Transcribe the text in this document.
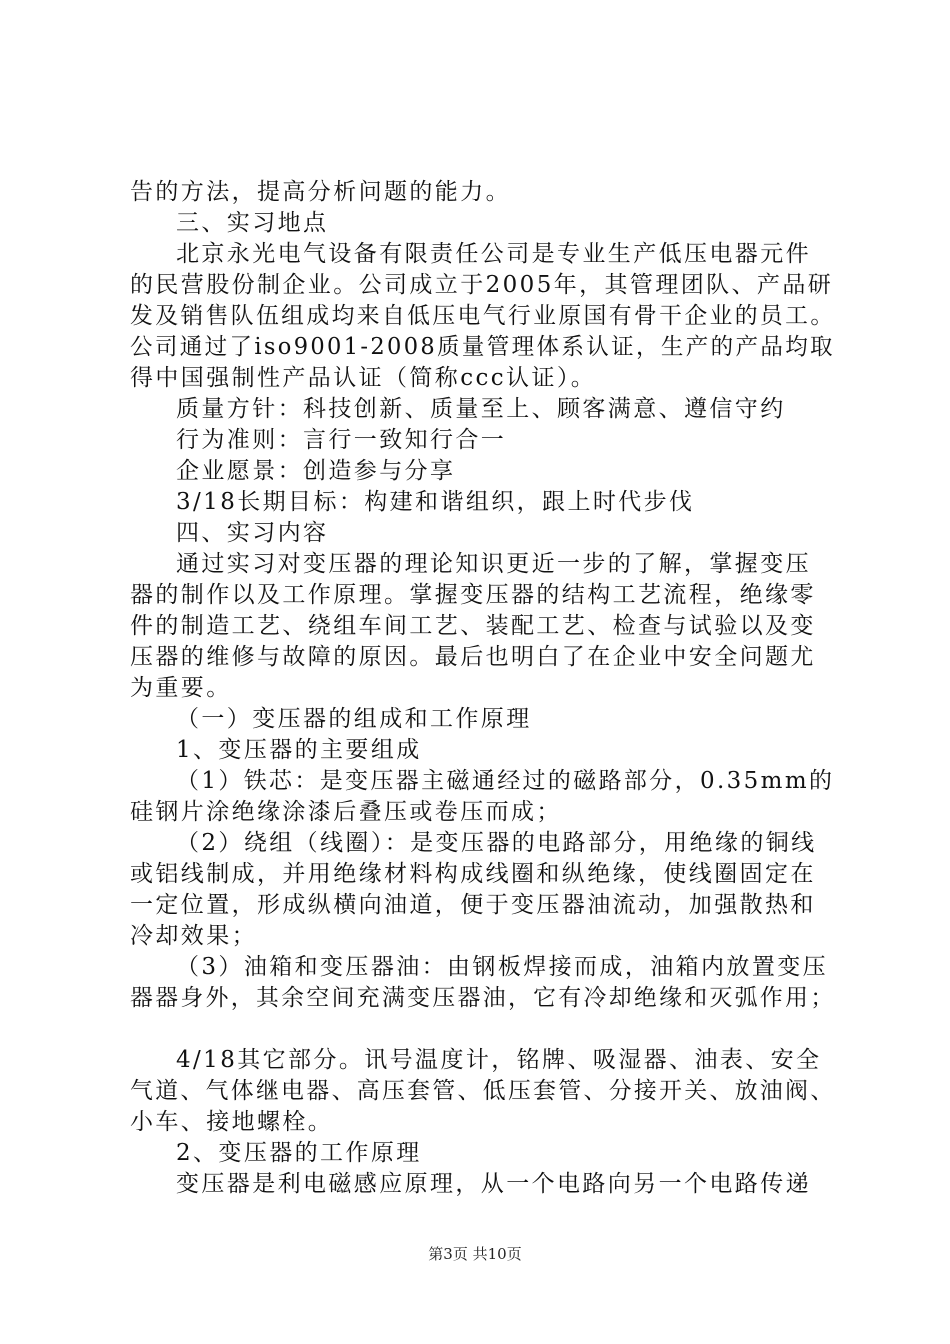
告的方法，提高分析问题的能力。
三、实习地点
北京永光电气设备有限责任公司是专业生产低压电器元件
的民营股份制企业。公司成立于2005年，其管理团队、产品研
发及销售队伍组成均来自低压电气行业原国有骨干企业的员工。
公司通过了iso9001-2008质量管理体系认证，生产的产品均取
得中国强制性产品认证（简称ccc认证）。
质量方针：科技创新、质量至上、顾客满意、遵信守约
行为准则：言行一致知行合一
企业愿景：创造参与分享
3/18长期目标：构建和谐组织，跟上时代步伐
四、实习内容
通过实习对变压器的理论知识更近一步的了解，掌握变压
器的制作以及工作原理。掌握变压器的结构工艺流程，绝缘零
件的制造工艺、绕组车间工艺、装配工艺、检查与试验以及变
压器的维修与故障的原因。最后也明白了在企业中安全问题尤
为重要。
（一）变压器的组成和工作原理
1、变压器的主要组成
（1）铁芯：是变压器主磁通经过的磁路部分，0.35mm的
硅钢片涂绝缘涂漆后叠压或卷压而成；
（2）绕组（线圈）：是变压器的电路部分，用绝缘的铜线
或铝线制成，并用绝缘材料构成线圈和纵绝缘，使线圈固定在
一定位置，形成纵横向油道，便于变压器油流动，加强散热和
冷却效果；
（3）油箱和变压器油：由钢板焊接而成，油箱内放置变压
器器身外，其余空间充满变压器油，它有冷却绝缘和灭弧作用；
4/18其它部分。讯号温度计，铭牌、吸湿器、油表、安全
气道、气体继电器、高压套管、低压套管、分接开关、放油阀、
小车、接地螺栓。
2、变压器的工作原理
变压器是利电磁感应原理，从一个电路向另一个电路传递
第3页 共10页
